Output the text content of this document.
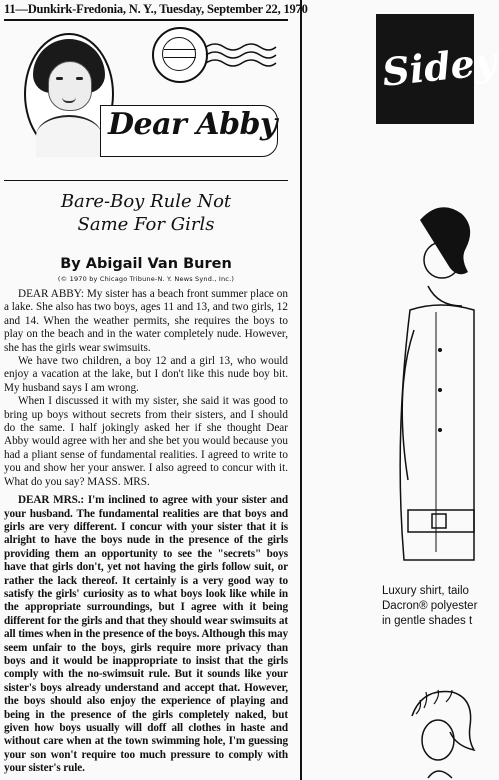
11—Dunkirk-Fredonia, N. Y., Tuesday, September 22, 1970
Dear Abby
Bare-Boy Rule Not
Same For Girls
By Abigail Van Buren
(© 1970 by Chicago Tribune-N. Y. News Synd., Inc.)

DEAR ABBY: My sister has a beach front summer place on a lake. She also has two boys, ages 11 and 13, and two girls, 12 and 14. When the weather permits, she requires the boys to play on the beach and in the water completely nude. However, she has the girls wear swimsuits.

We have two children, a boy 12 and a girl 13, who would enjoy a vacation at the lake, but I don't like this nude boy bit. My husband says I am wrong.

When I discussed it with my sister, she said it was good to bring up boys without secrets from their sisters, and I should do the same. I half jokingly asked her if she thought Dear Abby would agree with her and she bet you would because you had a pliant sense of fundamental realities. I agreed to write to you and show her your answer. I also agreed to concur with it. What do you say? MASS. MRS.

DEAR MRS.: I'm inclined to agree with your sister and your husband. The fundamental realities are that boys and girls are very different. I concur with your sister that it is alright to have the boys nude in the presence of the girls providing them an opportunity to see the "secrets" boys have that girls don't, yet not having the girls follow suit, or rather the lack thereof. It certainly is a very good way to satisfy the girls' curiosity as to what boys look like while in the appropriate surroundings, but I agree with it being different for the girls and that they should wear swimsuits at all times when in the presence of the boys. Although this may seem unfair to the boys, girls require more privacy than boys and it would be inappropriate to insist that the girls comply with the no-swimsuit rule. But it sounds like your sister's boys already understand and accept that. However, the boys should also enjoy the experience of playing and being in the presence of the girls completely naked, but given how boys usually will doff all clothes in haste and without care when at the town swimming hole, I'm guessing your son won't require too much pressure to comply with your sister's rule.

Sidey
Luxury shirt, tailo
Dacron® polyester
in gentle shades t
